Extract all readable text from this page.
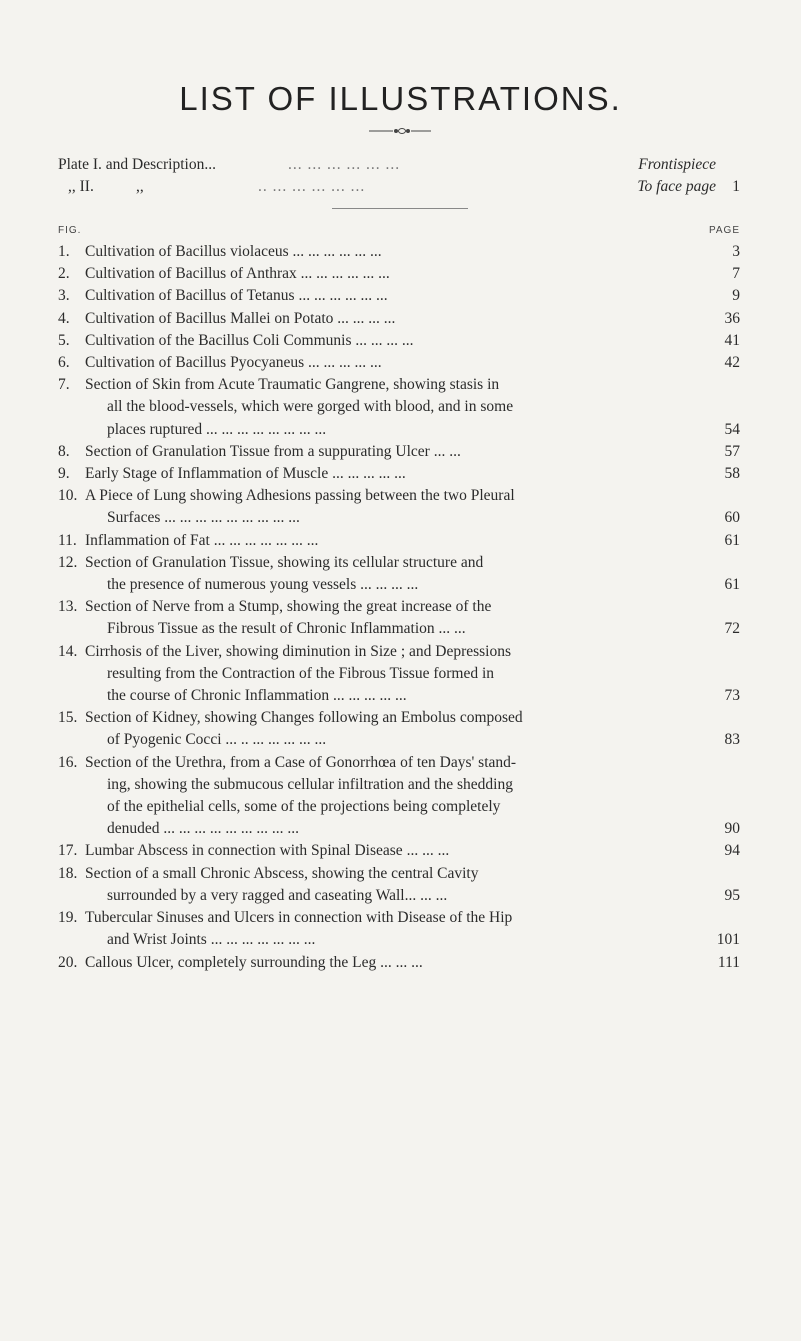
LIST OF ILLUSTRATIONS.
Plate I. and Description...	... ... ... ... ... ...	Frontispiece
,, II.	,,	.. ... ... ... ... ...	To face page 1
FIG.	PAGE
1. Cultivation of Bacillus violaceus ... ... ... ... ... ...	3
2. Cultivation of Bacillus of Anthrax ... ... ... ... ... ...	7
3. Cultivation of Bacillus of Tetanus ... ... ... ... ... ...	9
4. Cultivation of Bacillus Mallei on Potato ... ... ... ...	36
5. Cultivation of the Bacillus Coli Communis ... ... ... ...	41
6. Cultivation of Bacillus Pyocyaneus ... ... ... ... ...	42
7. Section of Skin from Acute Traumatic Gangrene, showing stasis in
all the blood-vessels, which were gorged with blood, and in some
places ruptured ... ... ... ... ... ... ... ...	54
8. Section of Granulation Tissue from a suppurating Ulcer ... ...	57
9. Early Stage of Inflammation of Muscle ... ... ... ... ...	58
10. A Piece of Lung showing Adhesions passing between the two Pleural
Surfaces ... ... ... ... ... ... ... ... ...	60
11. Inflammation of Fat ... ... ... ... ... ... ...	61
12. Section of Granulation Tissue, showing its cellular structure and
the presence of numerous young vessels ... ... ... ...	61
13. Section of Nerve from a Stump, showing the great increase of the
Fibrous Tissue as the result of Chronic Inflammation ... ...	72
14. Cirrhosis of the Liver, showing diminution in Size ; and Depressions
resulting from the Contraction of the Fibrous Tissue formed in
the course of Chronic Inflammation ... ... ... ... ...	73
15. Section of Kidney, showing Changes following an Embolus composed
of Pyogenic Cocci ... .. ... ... ... ... ...	83
16. Section of the Urethra, from a Case of Gonorrhœa of ten Days' stand-
ing, showing the submucous cellular infiltration and the shedding
of the epithelial cells, some of the projections being completely
denuded ... ... ... ... ... ... ... ... ...	90
17. Lumbar Abscess in connection with Spinal Disease ... ... ...	94
18. Section of a small Chronic Abscess, showing the central Cavity
surrounded by a very ragged and caseating Wall... ... ...	95
19. Tubercular Sinuses and Ulcers in connection with Disease of the Hip
and Wrist Joints ... ... ... ... ... ... ...	101
20. Callous Ulcer, completely surrounding the Leg ... ... ...	111
